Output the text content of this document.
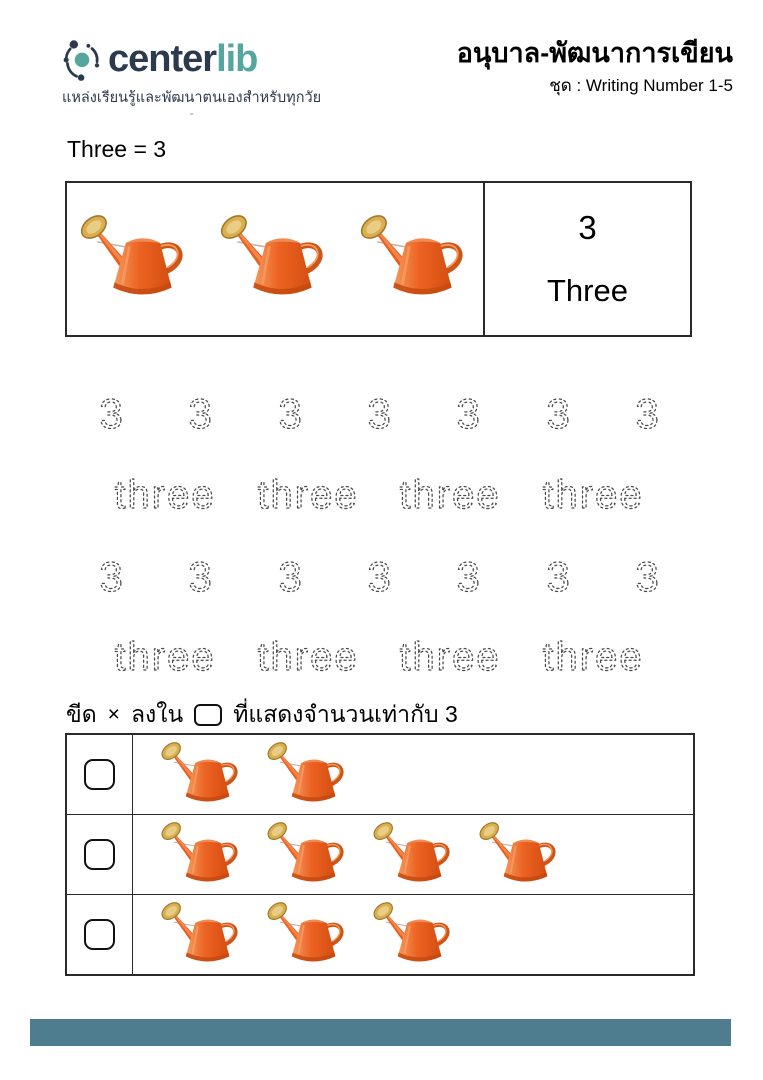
centerlib
แหล่งเรียนรู้และพัฒนาตนเองสำหรับทุกวัย
-
อนุบาล-พัฒนาการเขียน
ชุด : Writing Number 1-5
Three = 3
3
Three
3 3 3 3 3 3 3
three three three three
3 3 3 3 3 3 3
three three three three
ขีด × ลงใน ที่แสดงจำนวนเท่ากับ 3
